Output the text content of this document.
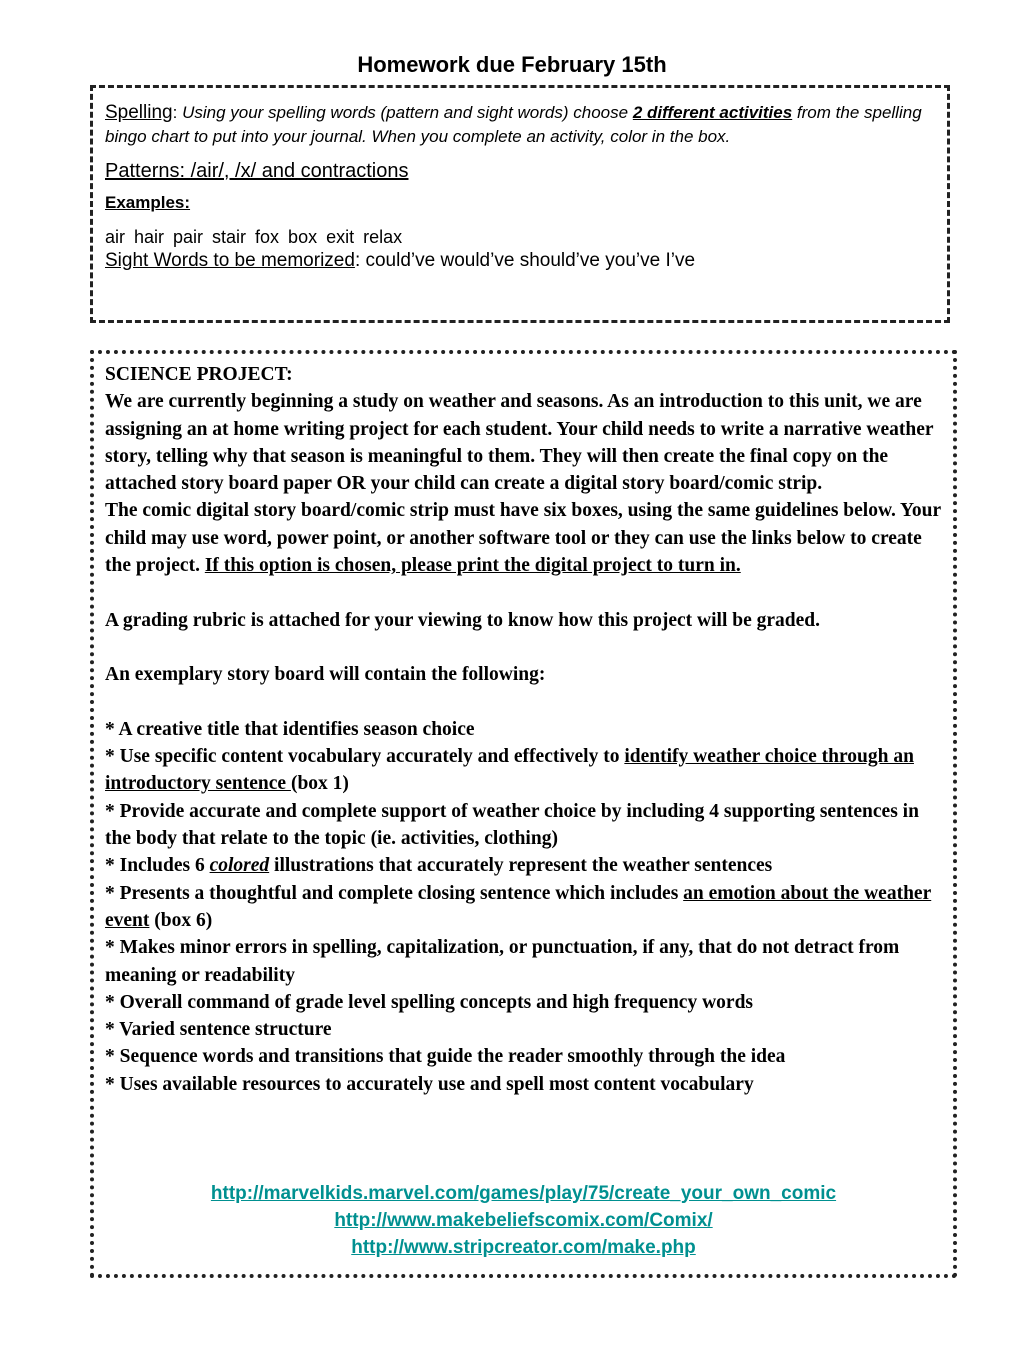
Homework due February 15th

Spelling: Using your spelling words (pattern and sight words) choose 2 different activities from the spelling bingo chart to put into your journal. When you complete an activity, color in the box.

Patterns: /air/, /x/ and contractions

Examples:

air hair pair stair fox box exit relax

Sight Words to be memorized: could’ve would’ve should’ve you’ve I’ve

SCIENCE PROJECT:

We are currently beginning a study on weather and seasons. As an introduction to this unit, we are assigning an at home writing project for each student. Your child needs to write a narrative weather story, telling why that season is meaningful to them. They will then create the final copy on the attached story board paper OR your child can create a digital story board/comic strip.

The comic digital story board/comic strip must have six boxes, using the same guidelines below. Your child may use word, power point, or another software tool or they can use the links below to create the project. If this option is chosen, please print the digital project to turn in.

A grading rubric is attached for your viewing to know how this project will be graded.

An exemplary story board will contain the following:

* A creative title that identifies season choice

* Use specific content vocabulary accurately and effectively to identify weather choice through an introductory sentence (box 1)

* Provide accurate and complete support of weather choice by including 4 supporting sentences in the body that relate to the topic (ie. activities, clothing)

* Includes 6 colored illustrations that accurately represent the weather sentences

* Presents a thoughtful and complete closing sentence which includes an emotion about the weather event (box 6)

* Makes minor errors in spelling, capitalization, or punctuation, if any, that do not detract from meaning or readability

* Overall command of grade level spelling concepts and high frequency words

* Varied sentence structure

* Sequence words and transitions that guide the reader smoothly through the idea

* Uses available resources to accurately use and spell most content vocabulary

http://marvelkids.marvel.com/games/play/75/create_your_own_comic
http://www.makebeliefscomix.com/Comix/
http://www.stripcreator.com/make.php
